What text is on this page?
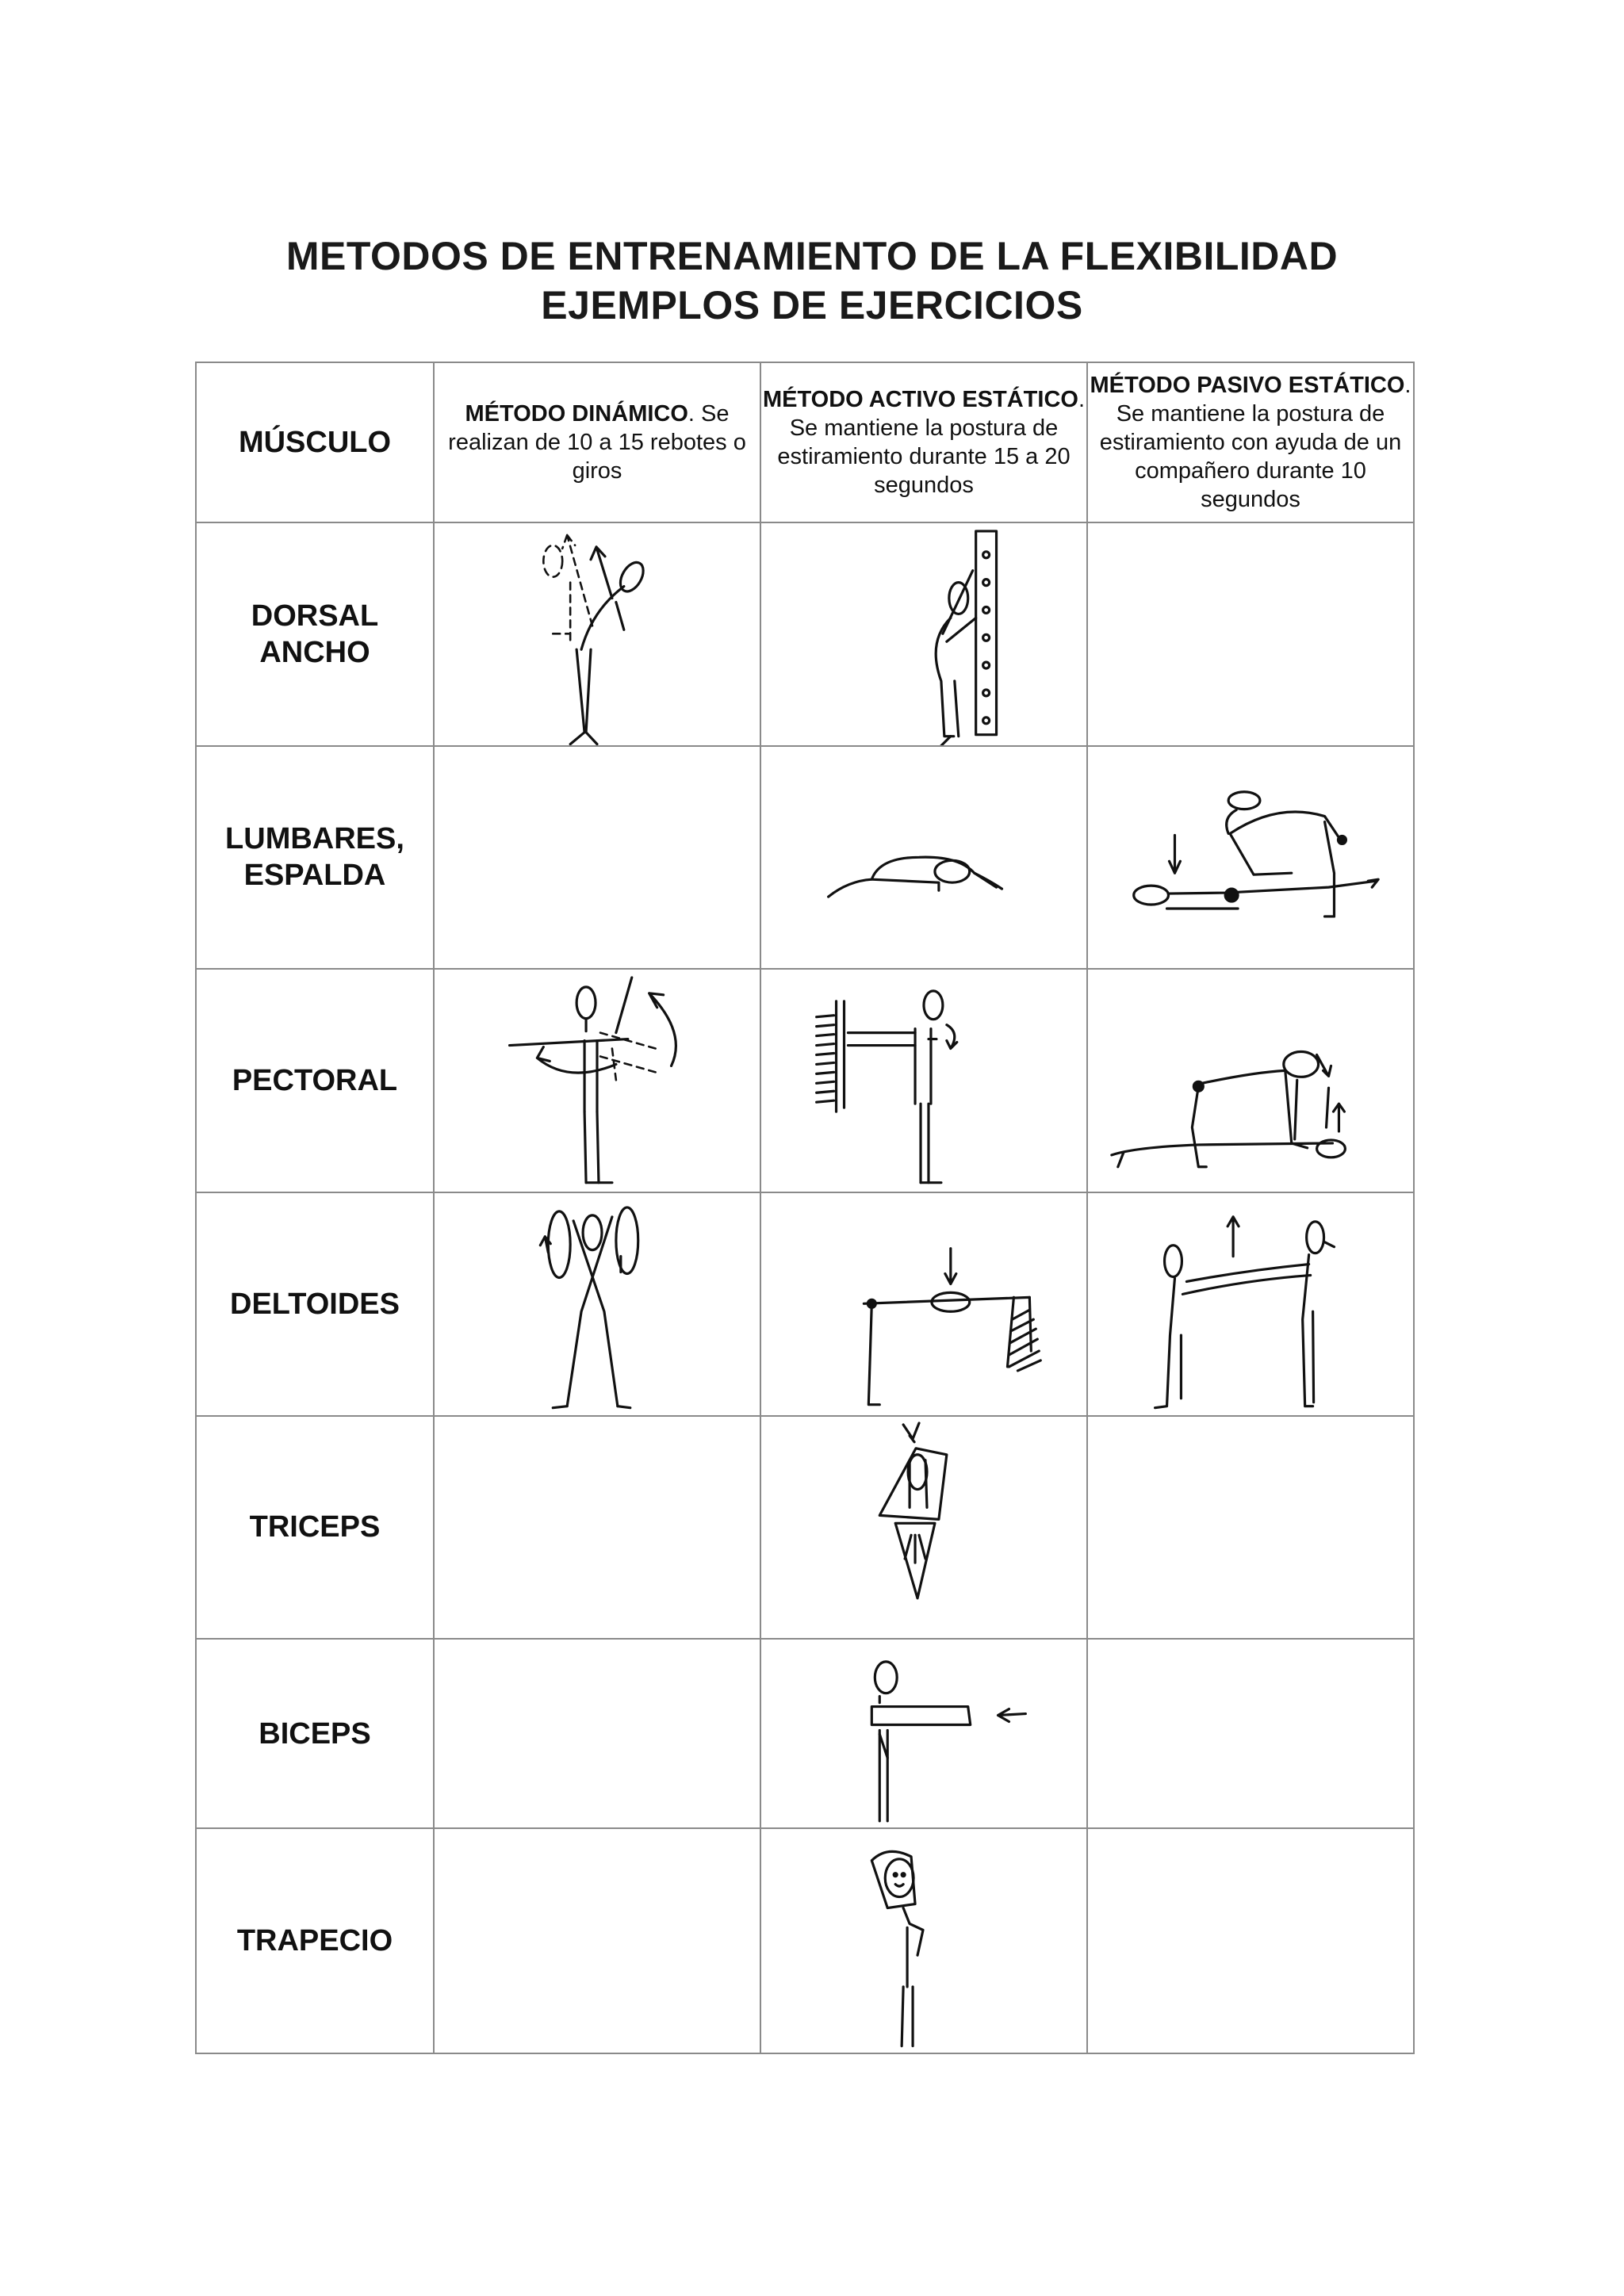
METODOS DE ENTRENAMIENTO DE LA FLEXIBILIDAD
EJEMPLOS DE EJERCICIOS
MÚSCULO	MÉTODO DINÁMICO. Se realizan de 10 a 15 rebotes o giros	MÉTODO ACTIVO ESTÁTICO. Se mantiene la postura de estiramiento durante 15 a 20 segundos	MÉTODO PASIVO ESTÁTICO. Se mantiene la postura de estiramiento con ayuda de un compañero durante 10 segundos
DORSAL
ANCHO	

LUMBARES,
ESPALDA		

PECTORAL	

DELTOIDES	

TRICEPS		

BICEPS		

TRAPECIO		
